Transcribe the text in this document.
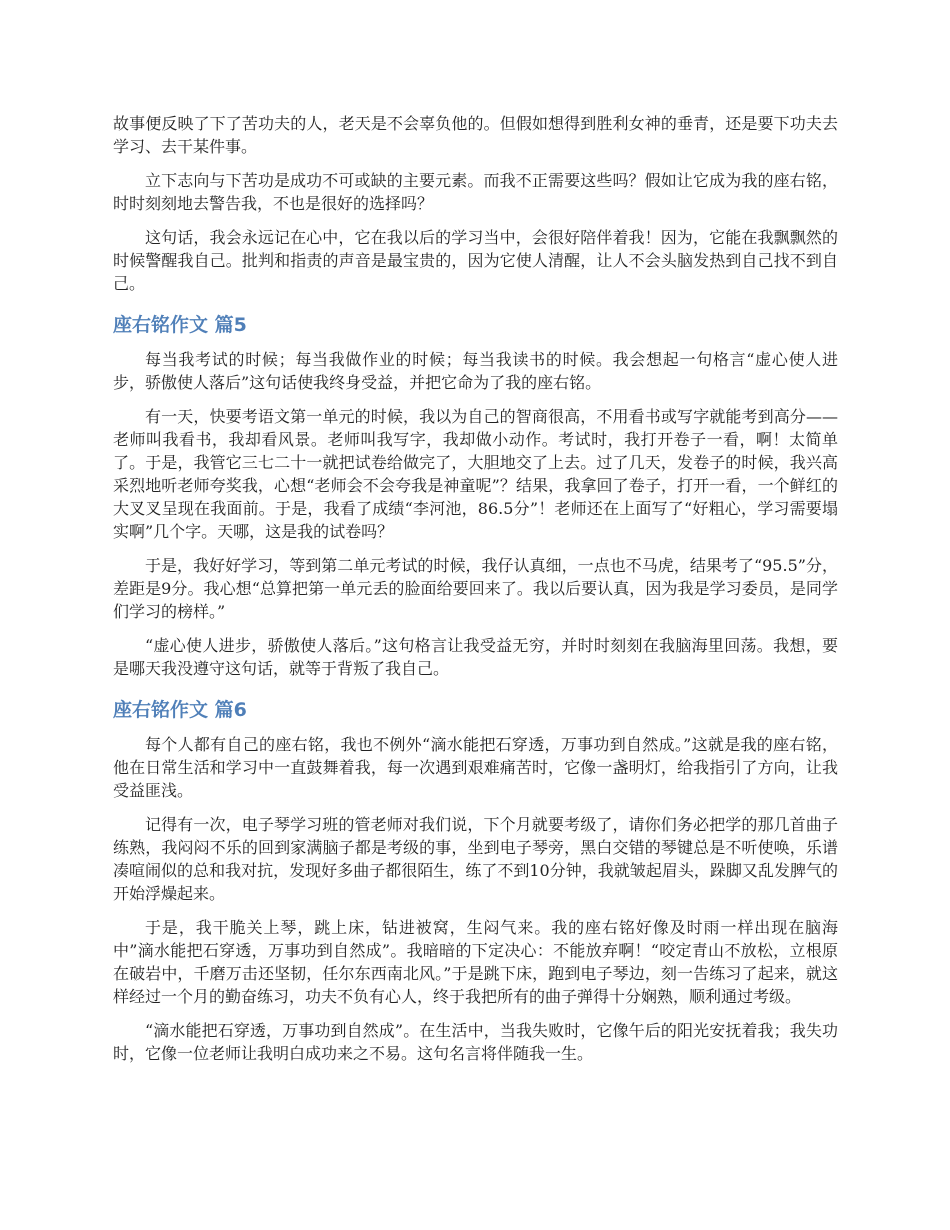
故事便反映了下了苦功夫的人，老天是不会辜负他的。但假如想得到胜利女神的垂青，还是要下功夫去学习、去干某件事。

立下志向与下苦功是成功不可或缺的主要元素。而我不正需要这些吗？假如让它成为我的座右铭，时时刻刻地去警告我，不也是很好的选择吗？

这句话，我会永远记在心中，它在我以后的学习当中，会很好陪伴着我！因为，它能在我飘飘然的时候警醒我自己。批判和指责的声音是最宝贵的，因为它使人清醒，让人不会头脑发热到自己找不到自己。

座右铭作文 篇5

每当我考试的时候；每当我做作业的时候；每当我读书的时候。我会想起一句格言“虚心使人进步，骄傲使人落后”这句话使我终身受益，并把它命为了我的座右铭。

有一天，快要考语文第一单元的时候，我以为自己的智商很高，不用看书或写字就能考到高分——老师叫我看书，我却看风景。老师叫我写字，我却做小动作。考试时，我打开卷子一看，啊！太简单了。于是，我管它三七二十一就把试卷给做完了，大胆地交了上去。过了几天，发卷子的时候，我兴高采烈地听老师夸奖我，心想“老师会不会夸我是神童呢”？结果，我拿回了卷子，打开一看，一个鲜红的大叉叉呈现在我面前。于是，我看了成绩“李河池，86.5分”！老师还在上面写了“好粗心，学习需要塌实啊”几个字。天哪，这是我的试卷吗？

于是，我好好学习，等到第二单元考试的时候，我仔认真细，一点也不马虎，结果考了“95.5”分，差距是9分。我心想“总算把第一单元丢的脸面给要回来了。我以后要认真，因为我是学习委员，是同学们学习的榜样。”

“虚心使人进步，骄傲使人落后。”这句格言让我受益无穷，并时时刻刻在我脑海里回荡。我想，要是哪天我没遵守这句话，就等于背叛了我自己。

座右铭作文 篇6

每个人都有自己的座右铭，我也不例外“滴水能把石穿透，万事功到自然成。”这就是我的座右铭，他在日常生活和学习中一直鼓舞着我，每一次遇到艰难痛苦时，它像一盏明灯，给我指引了方向，让我受益匪浅。

记得有一次，电子琴学习班的管老师对我们说，下个月就要考级了，请你们务必把学的那几首曲子练熟，我闷闷不乐的回到家满脑子都是考级的事，坐到电子琴旁，黑白交错的琴键总是不听使唤，乐谱凑喧闹似的总和我对抗，发现好多曲子都很陌生，练了不到10分钟，我就皱起眉头，跺脚又乱发脾气的开始浮燥起来。

于是，我干脆关上琴，跳上床，钻进被窝，生闷气来。我的座右铭好像及时雨一样出现在脑海中”滴水能把石穿透，万事功到自然成”。我暗暗的下定决心：不能放弃啊！“咬定青山不放松，立根原在破岩中，千磨万击还坚韧，任尔东西南北风。”于是跳下床，跑到电子琴边，刻一告练习了起来，就这样经过一个月的勤奋练习，功夫不负有心人，终于我把所有的曲子弹得十分娴熟，顺利通过考级。

“滴水能把石穿透，万事功到自然成”。在生活中，当我失败时，它像午后的阳光安抚着我；我失功时，它像一位老师让我明白成功来之不易。这句名言将伴随我一生。
